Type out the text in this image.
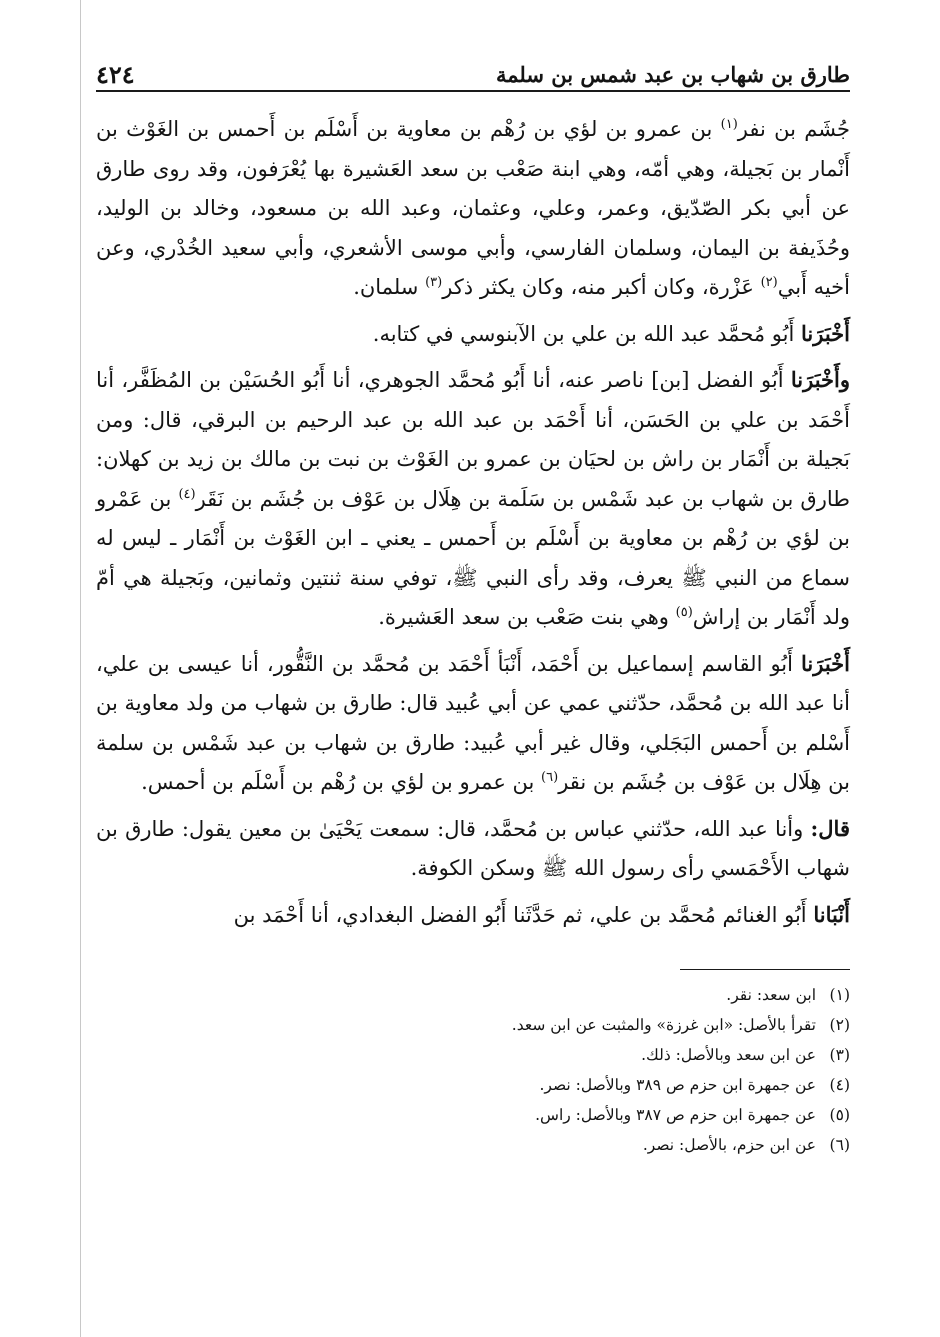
طارق بن شهاب بن عبد شمس بن سلمة
٤٢٤

جُشَم بن نفر$^{(١)}$ بن عمرو بن لؤي بن رُهْم بن معاوية بن أَسْلَم بن أَحمس بن الغَوْث بن أَنْمار بن بَجيلة، وهي أمّه، وهي ابنة صَعْب بن سعد العَشيرة بها يُعْرَفون، وقد روى طارق عن أبي بكر الصّدّيق، وعمر، وعلي، وعثمان، وعبد الله بن مسعود، وخالد بن الوليد، وحُذَيفة بن اليمان، وسلمان الفارسي، وأبي موسى الأشعري، وأبي سعيد الخُدْري، وعن أخيه أَبي$^{(٢)}$ عَزْرة، وكان أكبر منه، وكان يكثر ذكر$^{(٣)}$ سلمان.

أَخْبَرَنا أَبُو مُحمَّد عبد الله بن علي بن الآبنوسي في كتابه.

وأَخْبَرَنا أَبُو الفضل [بن] ناصر عنه، أنا أَبُو مُحمَّد الجوهري، أنا أَبُو الحُسَيْن بن المُظَفَّر، أنا أَحْمَد بن علي بن الحَسَن، أنا أَحْمَد بن عبد الله بن عبد الرحيم بن البرقي، قال: ومن بَجيلة بن أَنْمَار بن راش بن لحيَان بن عمرو بن الغَوْث بن نبت بن مالك بن زيد بن كهلان: طارق بن شهاب بن عبد شَمْس بن سَلَمة بن هِلَال بن عَوْف بن جُشَم بن نَقَر$^{(٤)}$ بن عَمْرو بن لؤي بن رُهْم بن معاوية بن أَسْلَم بن أَحمس ـ يعني ـ ابن الغَوْث بن أَنْمَار ـ ليس له سماع من النبي ﷺ يعرف، وقد رأى النبي ﷺ، توفي سنة ثنتين وثمانين، وبَجيلة هي أمّ ولد أَنْمَار بن إراش$^{(٥)}$ وهي بنت صَعْب بن سعد العَشيرة.

أَخْبَرَنا أَبُو القاسم إسماعيل بن أَحْمَد، أَنْبَأ أَحْمَد بن مُحمَّد بن النَّقُّور، أنا عيسى بن علي، أنا عبد الله بن مُحمَّد، حدّثني عمي عن أبي عُبيد قال: طارق بن شهاب من ولد معاوية بن أَسْلم بن أَحمس البَجَلي، وقال غير أبي عُبيد: طارق بن شهاب بن عبد شَمْس بن سلمة بن هِلَال بن عَوْف بن جُشَم بن نقر$^{(٦)}$ بن عمرو بن لؤي بن رُهْم بن أَسْلَم بن أحمس.

قال: وأنا عبد الله، حدّثني عباس بن مُحمَّد، قال: سمعت يَحْيَىٰ بن معين يقول: طارق بن شهاب الأَحْمَسي رأى رسول الله ﷺ وسكن الكوفة.

أَنْبَانا أَبُو الغنائم مُحمَّد بن علي، ثم حَدَّثَنا أَبُو الفضل البغدادي، أنا أَحْمَد بن

(١)
ابن سعد: نقر.
(٢)
تقرأ بالأصل: «ابن غرزة» والمثبت عن ابن سعد.
(٣)
عن ابن سعد وبالأصل: ذلك.
(٤)
عن جمهرة ابن حزم ص ٣٨٩ وبالأصل: نصر.
(٥)
عن جمهرة ابن حزم ص ٣٨٧ وبالأصل: راس.
(٦)
عن ابن حزم، بالأصل: نصر.
